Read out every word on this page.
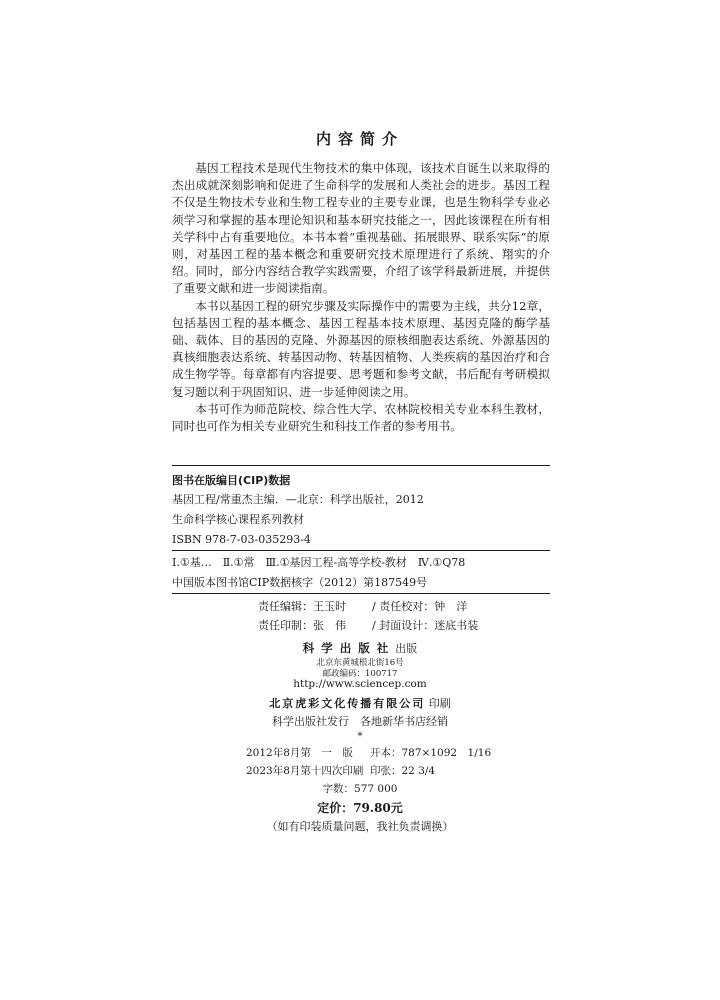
内容简介

基因工程技术是现代生物技术的集中体现，该技术自诞生以来取得的杰出成就深刻影响和促进了生命科学的发展和人类社会的进步。基因工程不仅是生物技术专业和生物工程专业的主要专业课，也是生物科学专业必须学习和掌握的基本理论知识和基本研究技能之一，因此该课程在所有相关学科中占有重要地位。本书本着“重视基础、拓展眼界、联系实际”的原则，对基因工程的基本概念和重要研究技术原理进行了系统、翔实的介绍。同时，部分内容结合教学实践需要，介绍了该学科最新进展，并提供了重要文献和进一步阅读指南。

本书以基因工程的研究步骤及实际操作中的需要为主线，共分12章，包括基因工程的基本概念、基因工程基本技术原理、基因克隆的酶学基础、载体、目的基因的克隆、外源基因的原核细胞表达系统、外源基因的真核细胞表达系统、转基因动物、转基因植物、人类疾病的基因治疗和合成生物学等。每章都有内容提要、思考题和参考文献，书后配有考研模拟复习题以利于巩固知识、进一步延伸阅读之用。

本书可作为师范院校、综合性大学、农林院校相关专业本科生教材，同时也可作为相关专业研究生和科技工作者的参考用书。

图书在版编目(CIP)数据
基因工程/常重杰主编．—北京：科学出版社，2012
生命科学核心课程系列教材
ISBN 978-7-03-035293-4
Ⅰ.①基…　Ⅱ.①常　Ⅲ.①基因工程-高等学校-教材　Ⅳ.①Q78
中国版本图书馆CIP数据核字（2012）第187549号
责任编辑：王玉时 / 责任校对：钟　洋
责任印制：张　伟 / 封面设计：迷底书装
科学出版社出版
北京东黄城根北街16号
邮政编码：100717
http://www.sciencep.com
北京虎彩文化传播有限公司 印刷
科学出版社发行　各地新华书店经销
*
2012年8月第　一　版 开本：787×1092　1/16
2023年8月第十四次印刷 印张：22 3/4
字数：577 000
定价：79.80元
（如有印装质量问题，我社负责调换）
